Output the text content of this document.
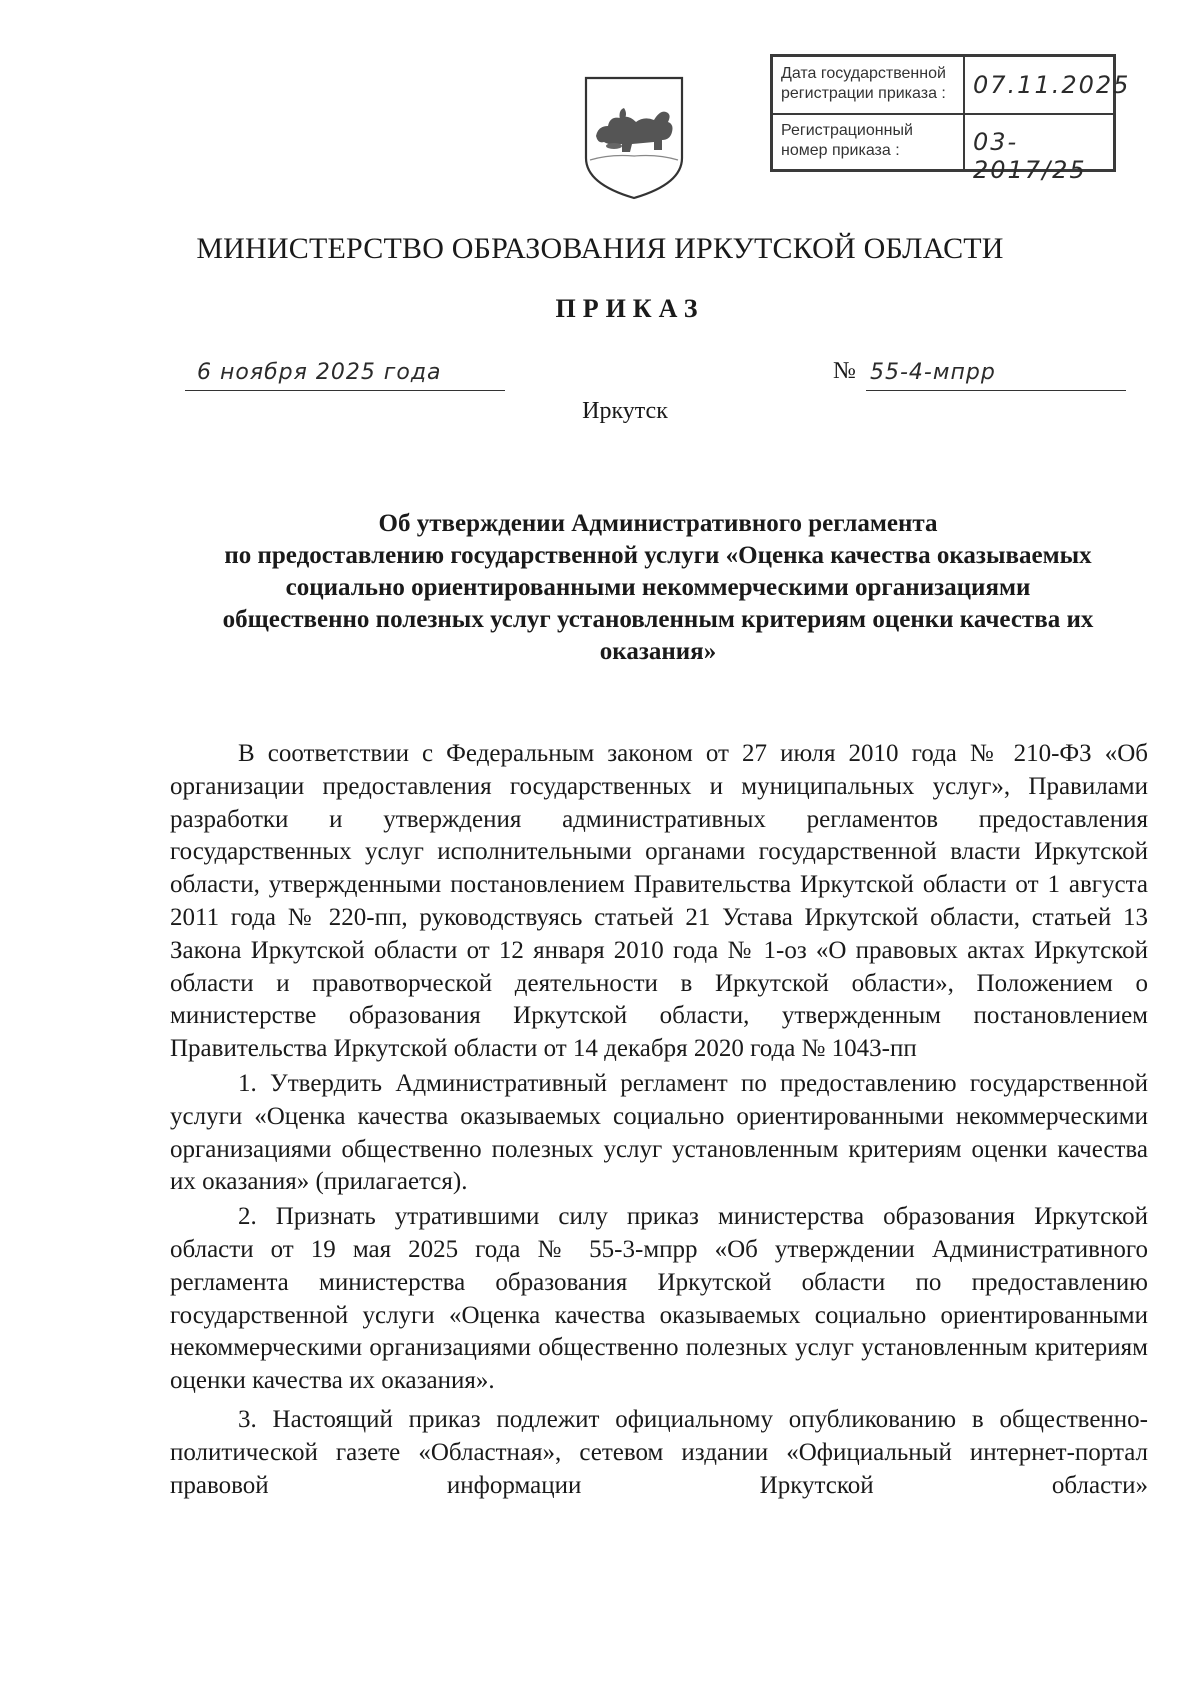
Дата государственной регистрации приказа :	07.11.2025
Регистрационный номер приказа :	03-2017/25
МИНИСТЕРСТВО ОБРАЗОВАНИЯ ИРКУТСКОЙ ОБЛАСТИ
ПРИКАЗ
6 ноября 2025 года	№ 55-4-мпрр
Иркутск
Об утверждении Административного регламента
по предоставлению государственной услуги «Оценка качества оказываемых
социально ориентированными некоммерческими организациями
общественно полезных услуг установленным критериям оценки качества их
оказания»

В соответствии с Федеральным законом от 27 июля 2010 года № 210-ФЗ «Об организации предоставления государственных и муниципальных услуг», Правилами разработки и утверждения административных регламентов предоставления государственных услуг исполнительными органами государственной власти Иркутской области, утвержденными постановлением Правительства Иркутской области от 1 августа 2011 года № 220-пп, руководствуясь статьей 21 Устава Иркутской области, статьей 13 Закона Иркутской области от 12 января 2010 года № 1-оз «О правовых актах Иркутской области и правотворческой деятельности в Иркутской области», Положением о министерстве образования Иркутской области, утвержденным постановлением Правительства Иркутской области от 14 декабря 2020 года № 1043-пп

1. Утвердить Административный регламент по предоставлению государственной услуги «Оценка качества оказываемых социально ориентированными некоммерческими организациями общественно полезных услуг установленным критериям оценки качества их оказания» (прилагается).

2. Признать утратившими силу приказ министерства образования Иркутской области от 19 мая 2025 года № 55-3-мпрр «Об утверждении Административного регламента министерства образования Иркутской области по предоставлению государственной услуги «Оценка качества оказываемых социально ориентированными некоммерческими организациями общественно полезных услуг установленным критериям оценки качества их оказания».

3. Настоящий приказ подлежит официальному опубликованию в общественно-политической газете «Областная», сетевом издании «Официальный интернет-портал правовой информации Иркутской области»
